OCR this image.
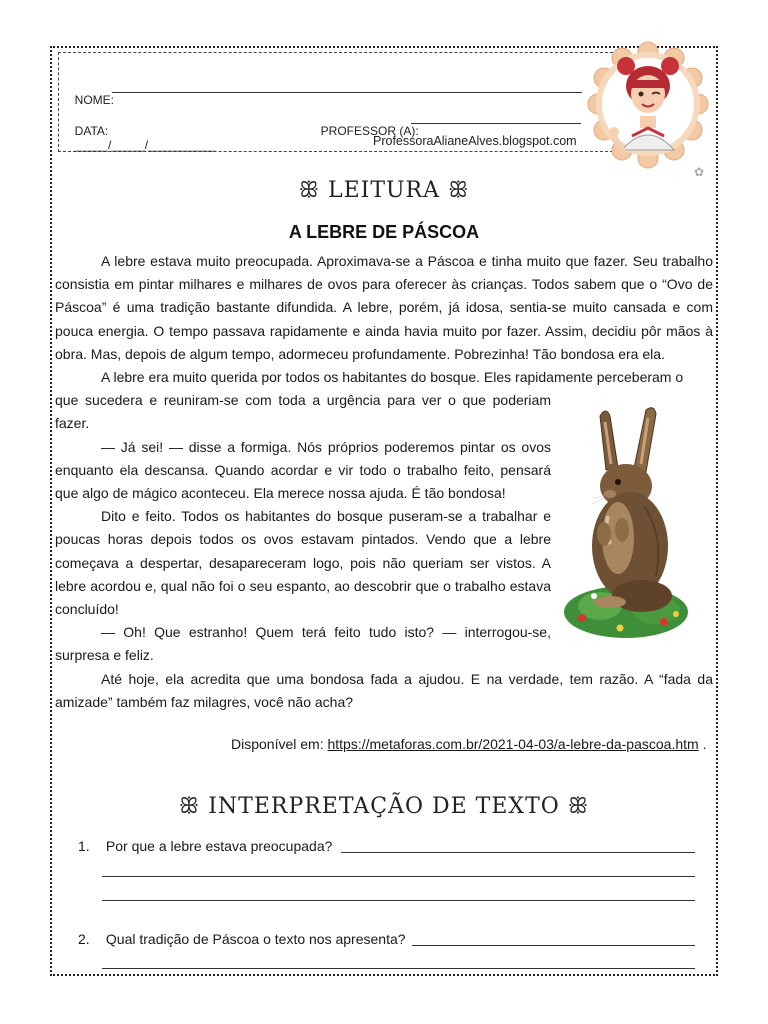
NOME:

DATA:
_____/_____/__________

PROFESSOR (A):

ProfessoraAlianeAlves.blogspot.com
✿
ꕥ LEITURA ꕥ
A LEBRE DE PÁSCOA

A lebre estava muito preocupada. Aproximava-se a Páscoa e tinha muito que fazer. Seu trabalho consistia em pintar milhares e milhares de ovos para oferecer às crianças. Todos sabem que o “Ovo de Páscoa” é uma tradição bastante difundida. A lebre, porém, já idosa, sentia-se muito cansada e com pouca energia. O tempo passava rapidamente e ainda havia muito por fazer. Assim, decidiu pôr mãos à obra. Mas, depois de algum tempo, adormeceu profundamente. Pobrezinha! Tão bondosa era ela.

A lebre era muito querida por todos os habitantes do bosque. Eles rapidamente perceberam o

que sucedera e reuniram-se com toda a urgência para ver o que poderiam fazer.

— Já sei! — disse a formiga. Nós próprios poderemos pintar os ovos enquanto ela descansa. Quando acordar e vir todo o trabalho feito, pensará que algo de mágico aconteceu. Ela merece nossa ajuda. É tão bondosa!

Dito e feito. Todos os habitantes do bosque puseram-se a trabalhar e poucas horas depois todos os ovos estavam pintados. Vendo que a lebre começava a despertar, desapareceram logo, pois não queriam ser vistos. A lebre acordou e, qual não foi o seu espanto, ao descobrir que o trabalho estava concluído!

— Oh! Que estranho! Quem terá feito tudo isto? — interrogou-se, surpresa e feliz.

Até hoje, ela acredita que uma bondosa fada a ajudou. E na verdade, tem razão. A “fada da amizade” também faz milagres, você não acha?

Disponível em: https://metaforas.com.br/2021-04-03/a-lebre-da-pascoa.htm .
ꕥ INTERPRETAÇÃO DE TEXTO ꕥ
1. Por que a lebre estava preocupada?
2. Qual tradição de Páscoa o texto nos apresenta?
